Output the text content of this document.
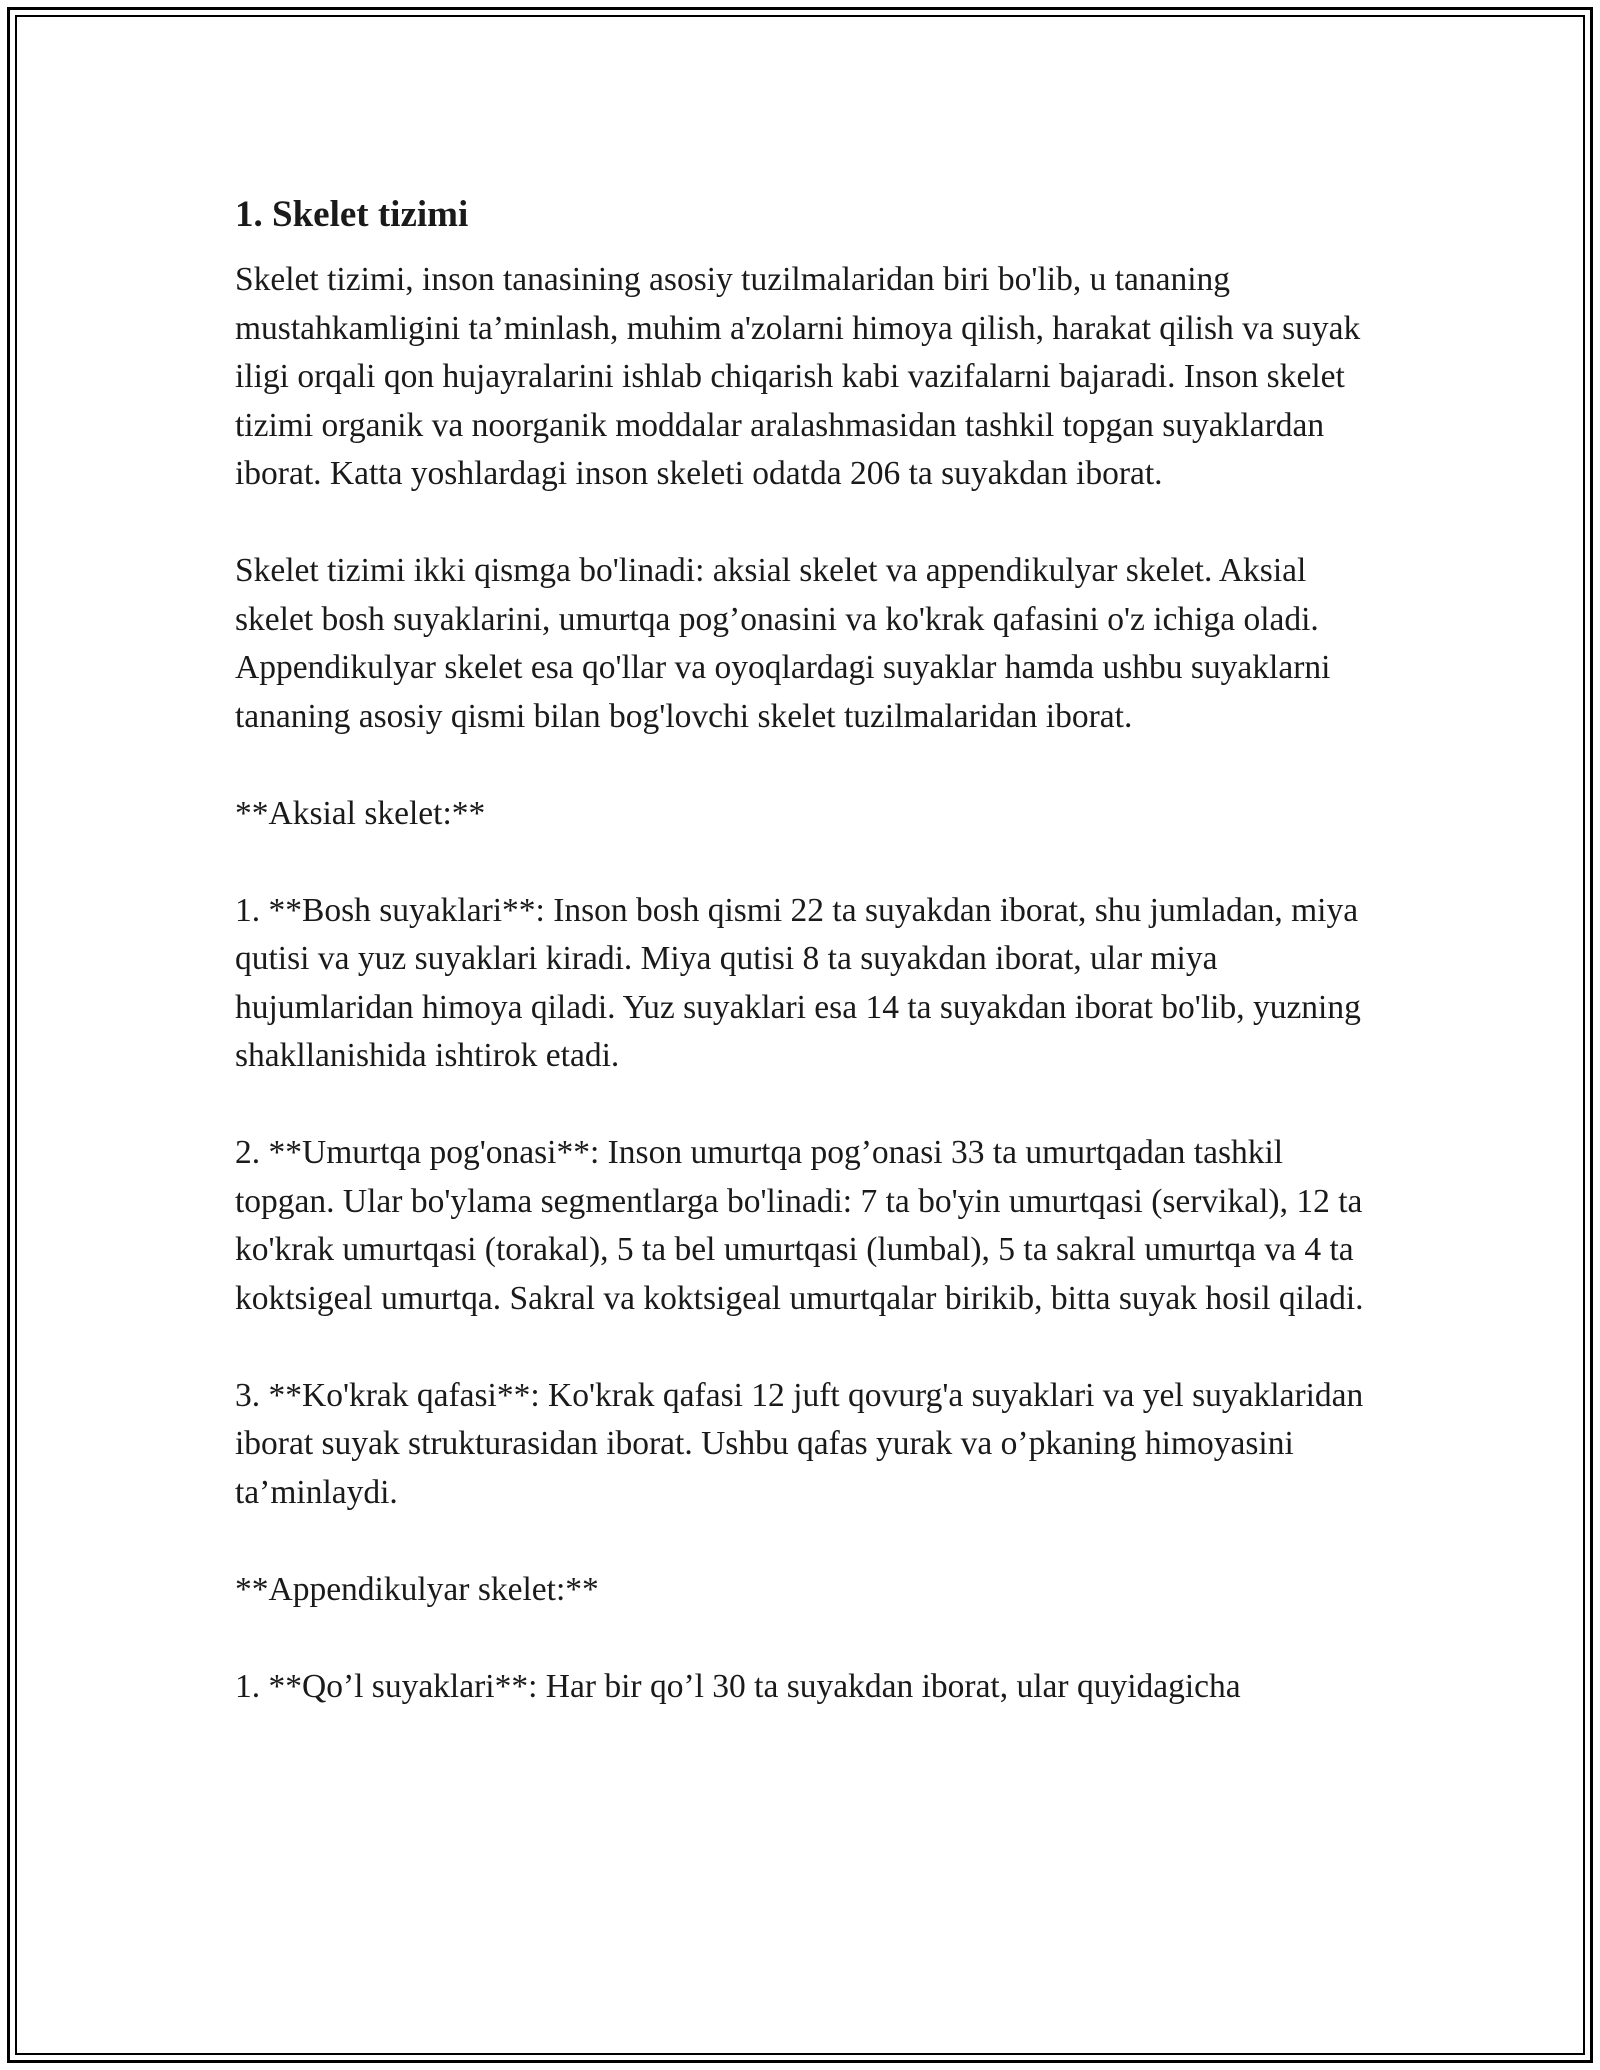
1. Skelet tizimi

Skelet tizimi, inson tanasining asosiy tuzilmalaridan biri bo'lib, u tananing mustahkamligini ta’minlash, muhim a'zolarni himoya qilish, harakat qilish va suyak iligi orqali qon hujayralarini ishlab chiqarish kabi vazifalarni bajaradi. Inson skelet tizimi organik va noorganik moddalar aralashmasidan tashkil topgan suyaklardan iborat. Katta yoshlardagi inson skeleti odatda 206 ta suyakdan iborat.

Skelet tizimi ikki qismga bo'linadi: aksial skelet va appendikulyar skelet. Aksial skelet bosh suyaklarini, umurtqa pog’onasini va ko'krak qafasini o'z ichiga oladi. Appendikulyar skelet esa qo'llar va oyoqlardagi suyaklar hamda ushbu suyaklarni tananing asosiy qismi bilan bog'lovchi skelet tuzilmalaridan iborat.

**Aksial skelet:**

1. **Bosh suyaklari**: Inson bosh qismi 22 ta suyakdan iborat, shu jumladan, miya qutisi va yuz suyaklari kiradi. Miya qutisi 8 ta suyakdan iborat, ular miya hujumlaridan himoya qiladi. Yuz suyaklari esa 14 ta suyakdan iborat bo'lib, yuzning shakllanishida ishtirok etadi.

2. **Umurtqa pog'onasi**: Inson umurtqa pog’onasi 33 ta umurtqadan tashkil topgan. Ular bo'ylama segmentlarga bo'linadi: 7 ta bo'yin umurtqasi (servikal), 12 ta ko'krak umurtqasi (torakal), 5 ta bel umurtqasi (lumbal), 5 ta sakral umurtqa va 4 ta koktsigeal umurtqa. Sakral va koktsigeal umurtqalar birikib, bitta suyak hosil qiladi.

3. **Ko'krak qafasi**: Ko'krak qafasi 12 juft qovurg'a suyaklari va yel suyaklaridan iborat suyak strukturasidan iborat. Ushbu qafas yurak va o’pkaning himoyasini ta’minlaydi.

**Appendikulyar skelet:**

1. **Qo’l suyaklari**: Har bir qo’l 30 ta suyakdan iborat, ular quyidagicha
